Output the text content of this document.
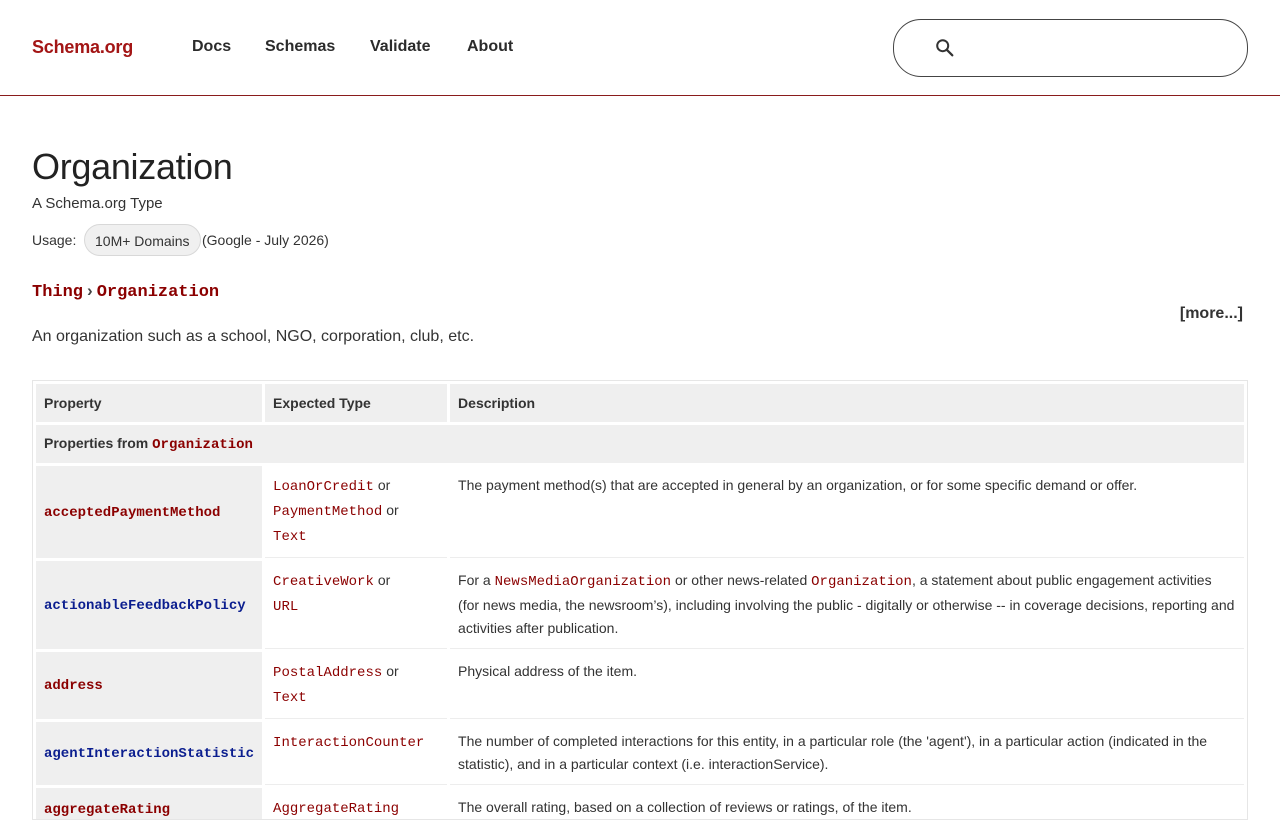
Schema.org	Docs Schemas Validate About
Organization
A Schema.org Type
Usage:	10M+ Domains (Google - July 2026)
Thing › Organization
[more...]
An organization such as a school, NGO, corporation, club, etc.
Property	Expected Type	Description
Properties from Organization		
acceptedPaymentMethod	LoanOrCredit or
PaymentMethod or
Text	The payment method(s) that are accepted in general by an organization, or for some specific demand or offer.
actionableFeedbackPolicy	CreativeWork or
URL	For a NewsMediaOrganization or other news-related Organization, a statement about public engagement activities (for news media, the newsroom’s), including involving the public - digitally or otherwise -- in coverage decisions, reporting and activities after publication.
address	PostalAddress or
Text	Physical address of the item.
agentInteractionStatistic	InteractionCounter	The number of completed interactions for this entity, in a particular role (the 'agent'), in a particular action (indicated in the statistic), and in a particular context (i.e. interactionService).
aggregateRating	AggregateRating	The overall rating, based on a collection of reviews or ratings, of the item.
